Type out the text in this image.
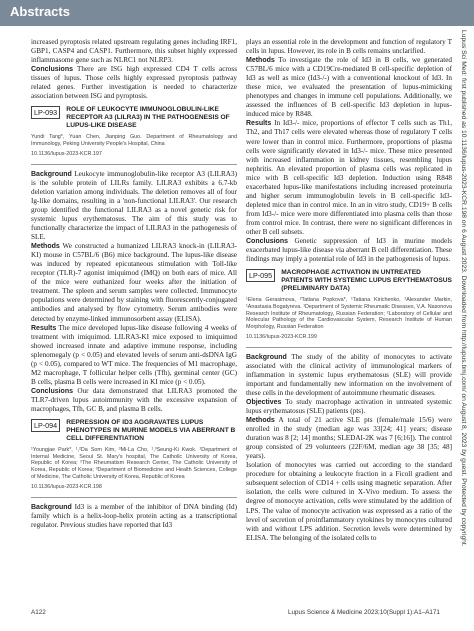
Abstracts

increased pyroptosis related upstream regulating genes including IRF1, GBP1, CASP4 and CASP1. Furthermore, this subset highly expressed inflammasome gene such as NLRC1 not NLRP3.

Conclusions There are ISG high expressed CD4 T cells across tissues of lupus. Those cells highly expressed pyroptosis pathway related genes. Further investigation is needed to characterize association between ISG and pyroptosis.

LP-093	ROLE OF LEUKOCYTE IMMUNOGLOBULIN-LIKE RECEPTOR A3 (LILRA3) IN THE PATHOGENESIS OF LUPUS-LIKE DISEASE

Yundi Tang*, Yuan Chen, Jianping Guo. Department of Rheumatology and Immunology, Peking University People's Hospital, China

10.1136/lupus-2023-KCR.197

Background Leukocyte immunoglobulin-like receptor A3 (LILRA3) is the soluble protein of LILRs family. LILRA3 exhibits a 6.7-kb deletion variation among individuals. The deletion removes all of four Ig-like domains, resulting in a 'non-functional LILRA3'. Our research group identified the functional LILRA3 as a novel genetic risk for systemic lupus erythematosus. The aim of this study was to functionally characterize the impact of LILRA3 in the pathogenesis of SLE.

Methods We constructed a humanized LILRA3 knock-in (LILRA3-KI) mouse in C57BL/6 (B6) mice background. The lupus-like disease was induced by repeated epicutaneous stimulation with Toll-like receptor (TLR)-7 agonist imiquimod (IMQ) on both ears of mice. All of the mice were euthanized four weeks after the initiation of treatment. The spleen and serum samples were collected. Immunocyte populations were determined by staining with fluorescently-conjugated antibodies and analysed by flow cytometry. Serum antibodies were detected by enzyme-linked immunosorbent assay (ELISA).

Results The mice developed lupus-like disease following 4 weeks of treatment with imiquimod. LILRA3-KI mice exposed to imiquimod showed increased innate and adaptive immune response, including splenomegaly (p < 0.05) and elevated levels of serum anti-dsDNA IgG (p < 0.05), compared to WT mice. The frequencies of M1 macrophage, M2 macrophage, T follicular helper cells (Tfh), germinal center (GC) B cells, plasma B cells were increased in KI mice (p < 0.05).

Conclusions Our data demonstrated that LILRA3 promoted the TLR7-driven lupus autoimmunity with the excessive expansion of macrophages, Tfh, GC B, and plasma B cells.

LP-094	REPRESSION OF ID3 AGGRAVATES LUPUS PHENOTYPES IN MURINE MODELS VIA ABERRANT B CELL DIFFERENTIATION

¹Youngjae Park*, ¹,²Da Som Kim, ³Mi-La Cho, ¹,³Seung-Ki Kwok. ¹Department of Internal Medicine, Seoul St. Mary's hospital, The Catholic University of Korea, Republic of Korea; ²The Rheumatism Research Center, The Catholic University of Korea, Republic of Korea; ³Department of Biomedicine and Health Sciences, College of Medicine, The Catholic University of Korea, Republic of Korea

10.1136/lupus-2023-KCR.198

Background Id3 is a member of the inhibitor of DNA binding (Id) family which is a helix-loop-helix protein acting as a transcriptional regulator. Previous studies have reported that Id3

plays an essential role in the development and function of regulatory T cells in lupus. However, its role in B cells remains unclarified.

Methods To investigate the role of Id3 in B cells, we generated C57BL/6 mice with a CD19Cre-mediated B cell-specific depletion of Id3 as well as mice (Id3-/-) with a conventional knockout of Id3. In these mice, we evaluated the presentation of lupus-mimicking phenotypes and changes in immune cell populations. Additionally, we assessed the influences of B cell-specific Id3 depletion in lupus-induced mice by R848.

Results In Id3-/- mice, proportions of effector T cells such as Th1, Th2, and Th17 cells were elevated whereas those of regulatory T cells were lower than in control mice. Furthermore, proportions of plasma cells were significantly elevated in Id3-/- mice. These mice presented with increased inflammation in kidney tissues, resembling lupus nephritis. An elevated proportion of plasma cells was replicated in mice with B cell-specific Id3 depletion. Induction using R848 exacerbated lupus-like manifestations including increased proteinuria and higher serum immunoglobulin levels in B cell-specific Id3-depleted mice than in control mice. In an in vitro study, CD19+ B cells from Id3-/- mice were more differentiated into plasma cells than those from control mice. In contrast, there were no significant differences in other B cell subsets.

Conclusions Genetic suppression of Id3 in murine models exacerbated lupus-like disease via aberrant B cell differentiation. These findings may imply a potential role of Id3 in the pathogenesis of lupus.

LP-095	MACROPHAGE ACTIVATION IN UNTREATED PATIENTS WITH SYSTEMIC LUPUS ERYTHEMATOSUS (PRELIMINARY DATA)

¹Elena Gerasimova, ²Tatiana Popkova*, ¹Tatiana Kirichenko, ²Alexander Markin, ¹Anastasia Bogatyreva. ¹Department of Systemic Rheumatic Diseases, V.A. Nasonova Research Institute of Rheumatology, Russian Federation; ²Laboratory of Cellular and Molecular Pathology of the Cardiovascular System, Research Institute of Human Morphology, Russian Federation

10.1136/lupus-2023-KCR.199

Background The study of the ability of monocytes to activate associated with the clinical activity of immunological markers of inflammation in systemic lupus erythematosus (SLE) will provide important and fundamentally new information on the involvement of these cells in the development of autoimmune rheumatic diseases.

Objectives To study macrophage activation in untreated systemic lupus erythematosus (SLE) patients (pts).

Methods A total of 21 active SLE pts (female/male 15/6) were enrolled in the study (median age was 33[24; 41] years; disease duration was 8 [2; 14] months; SLEDAI-2K was 7 [6;16]). The control group consisted of 29 volunteers (22F/6M, median age 38 [35; 48] years).

Isolation of monocytes was carried out according to the standard procedure for obtaining a leukocyte fraction in a Ficoll gradient and subsequent selection of CD14 + cells using magnetic separation. After isolation, the cells were cultured in X-Vivo medium. To assess the degree of monocyte activation, cells were stimulated by the addition of LPS. The value of monocyte activation was expressed as a ratio of the level of secretion of proinflammatory cytokines by monocytes cultured with and without LPS addition. Secretion levels were determined by ELISA. The belonging of the isolated cells to	Lupus Sci Med: first published as 10.1136/lupus-2023-KCR.198 on 6 August 2023. Downloaded from http://lupus.bmj.com/ on August 8, 2023 by guest. Protected by copyright.
A122	Lupus Science & Medicine 2023;10(Suppl 1):A1–A171
